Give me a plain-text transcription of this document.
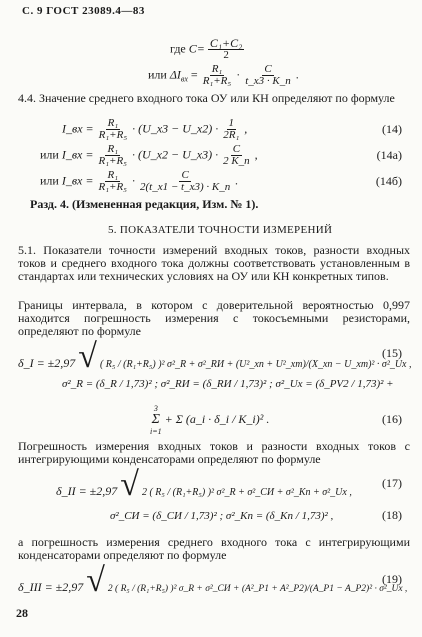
С. 9 ГОСТ 23089.4—83
где $C= \frac{\text{C₁+C₂}}{2}$
или $\Delta I_{вх} = \frac{\text{R₁}}{\text{R₁+R₅}} \cdot \frac{C}{t\_x3 \cdot K\_п}$ .
4.4. Значение среднего входного тока ОУ или КН определяют по формуле
I_вх = $\frac{\text{R₁}}{\text{R₁+R₅}}$ · (U_x3 − U_x2) · $\frac{1}{\text{2R₁}}$ ,	(14)
или I_вх = $\frac{\text{R₁}}{\text{R₁+R₅}}$ · (U_x2 − U_x3) · $\frac{C}{2 K\_п}$ ,	(14а)
или I_вх = $\frac{\text{R₁}}{\text{R₁+R₅}} \cdot \frac{C}{2(t\_x1 - t\_x3) \cdot K\_п}$ .	(14б)
Разд. 4. (Измененная редакция, Изм. № 1).
5. ПОКАЗАТЕЛИ ТОЧНОСТИ ИЗМЕРЕНИЙ
5.1. Показатели точности измерений входных токов, разности входных токов и среднего входного тока должны соответствовать установленным в стандартах или технических условиях на ОУ или КН конкретных типов.
Границы интервала, в котором с доверительной вероятностью 0,997 находится погрешность измерения с токосъемными резисторами, определяют по формуле
δ_I = ±2,97 √ ( R₅ / (R₁+R₅) )² σ²_R + σ²_RИ + (U²_xп + U²_xm)/(X_xп − U_xm)² · σ²_Ux ,
(15)
σ²_R = (δ_R / 1,73)² ; σ²_RИ = (δ_RИ / 1,73)² ; σ²_Ux = (δ_PV2 / 1,73)² +
3
Σ
i=1
+ Σ (a_i · δ_i / K_i)² .	(16)
Погрешность измерения входных токов и разности входных токов с интегрирующими конденсаторами определяют по формуле
δ_II = ±2,97 √ 2 ( R₅ / (R₁+R₅) )² σ²_R + σ²_CИ + σ²_Kп + σ²_Ux ,
(17)
σ²_CИ = (δ_CИ / 1,73)² ; σ²_Kп = (δ_Kп / 1,73)² ,	(18)
а погрешность измерения среднего входного тока с интегрирующими конденсаторами определяют по формуле
δ_III = ±2,97 √ 2 ( R₅ / (R₁+R₅) )² σ_R + σ²_CИ + (A²_P1 + A²_P2)/(A_P1 − A_P2)² · σ²_Ux ,
(19)
28
